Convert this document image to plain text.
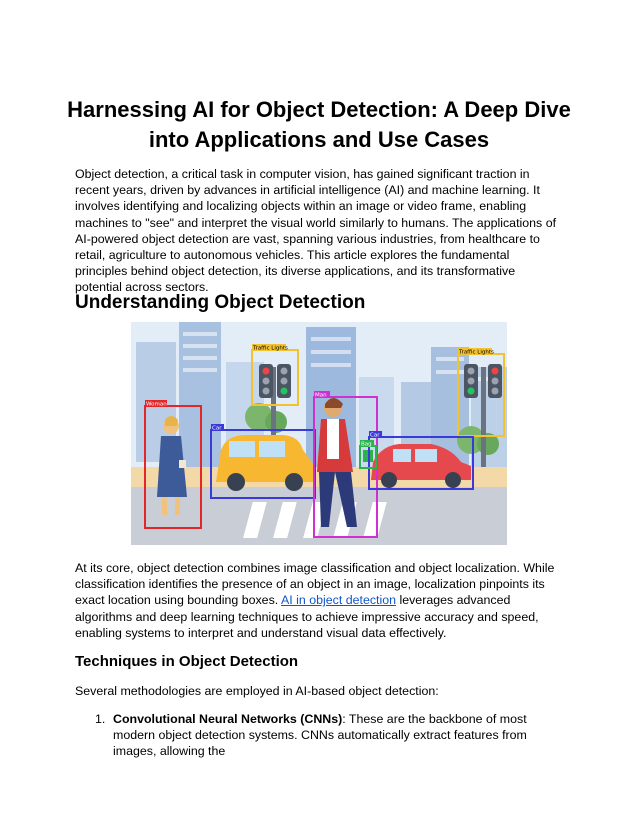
Harnessing AI for Object Detection: A Deep Dive into Applications and Use Cases

Object detection, a critical task in computer vision, has gained significant traction in recent years, driven by advances in artificial intelligence (AI) and machine learning. It involves identifying and localizing objects within an image or video frame, enabling machines to "see" and interpret the visual world similarly to humans. The applications of AI-powered object detection are vast, spanning various industries, from healthcare to retail, agriculture to autonomous vehicles. This article explores the fundamental principles behind object detection, its diverse applications, and its transformative potential across sectors.

Understanding Object Detection
Traffic Lights
Traffic Lights
Woman
Car
Man
Car
Bag

At its core, object detection combines image classification and object localization. While classification identifies the presence of an object in an image, localization pinpoints its exact location using bounding boxes. AI in object detection leverages advanced algorithms and deep learning techniques to achieve impressive accuracy and speed, enabling systems to interpret and understand visual data effectively.

Techniques in Object Detection

Several methodologies are employed in AI-based object detection:

1. Convolutional Neural Networks (CNNs): These are the backbone of most modern object detection systems. CNNs automatically extract features from images, allowing the
